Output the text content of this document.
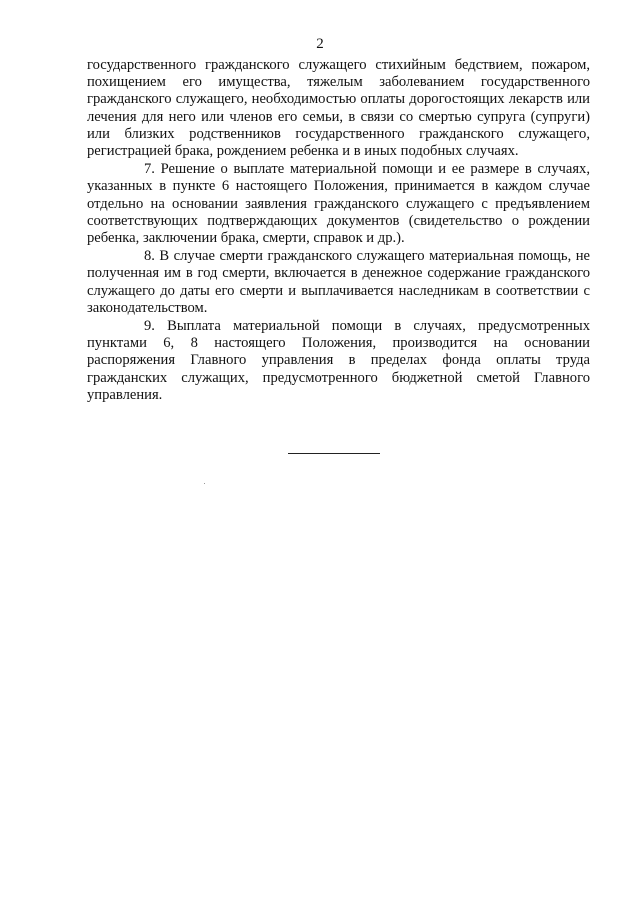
2

государственного гражданского служащего стихийным бедствием, пожаром, похищением его имущества, тяжелым заболеванием государственного гражданского служащего, необходимостью оплаты дорогостоящих лекарств или лечения для него или членов его семьи, в связи со смертью супруга (супруги) или близких родственников государственного гражданского служащего, регистрацией брака, рождением ребенка и в иных подобных случаях.

7. Решение о выплате материальной помощи и ее размере в случаях, указанных в пункте 6 настоящего Положения, принимается в каждом случае отдельно на основании заявления гражданского служащего с предъявлением соответствующих подтверждающих документов (свидетельство о рождении ребенка, заключении брака, смерти, справок и др.).

8. В случае смерти гражданского служащего материальная помощь, не полученная им в год смерти, включается в денежное содержание гражданского служащего до даты его смерти и выплачивается наследникам в соответствии с законодательством.

9. Выплата материальной помощи в случаях, предусмотренных пунктами 6, 8 настоящего Положения, производится на основании распоряжения Главного управления в пределах фонда оплаты труда гражданских служащих, предусмотренного бюджетной сметой Главного управления.
